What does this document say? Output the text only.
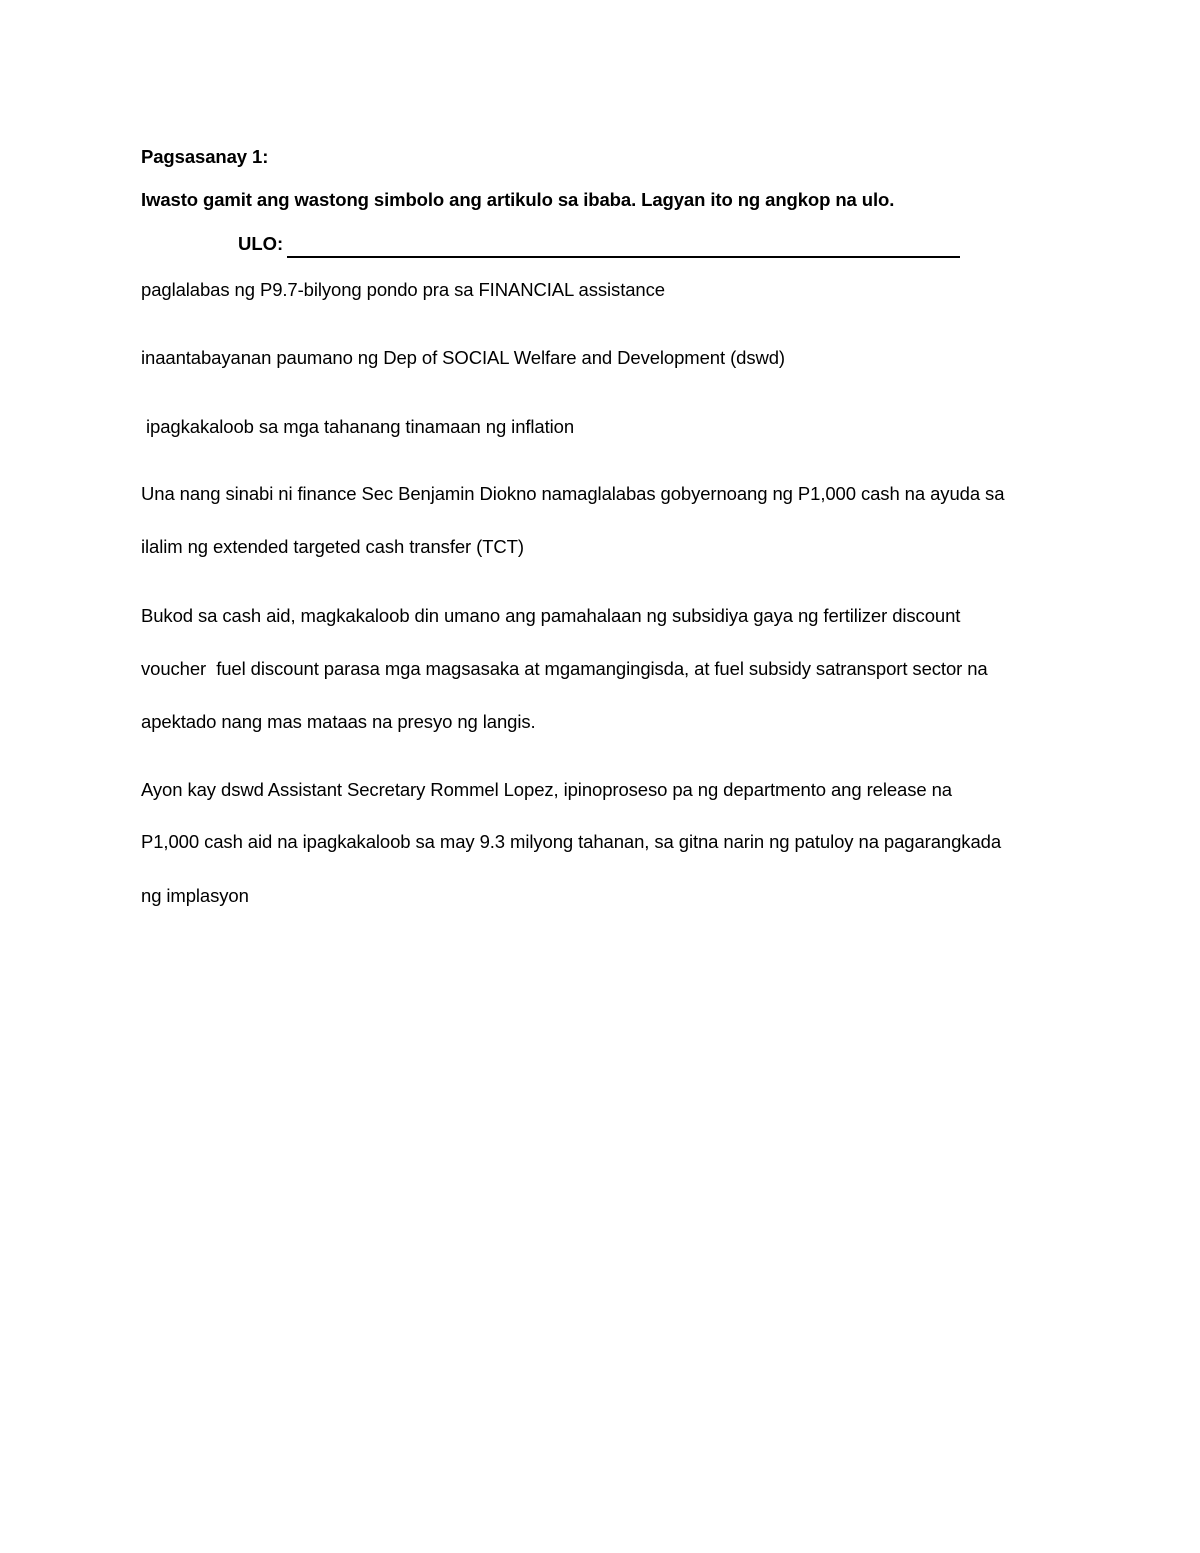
Pagsasanay 1:
Iwasto gamit ang wastong simbolo ang artikulo sa ibaba. Lagyan ito ng angkop na ulo.
ULO:
paglalabas ng P9.7-bilyong pondo pra sa FINANCIAL assistance
inaantabayanan paumano ng Dep of SOCIAL Welfare and Development (dswd)
ipagkakaloob sa mga tahanang tinamaan ng inflation
Una nang sinabi ni finance Sec Benjamin Diokno namaglalabas gobyernoang ng P1,000 cash na ayuda sa
ilalim ng extended targeted cash transfer (TCT)
Bukod sa cash aid, magkakaloob din umano ang pamahalaan ng subsidiya gaya ng fertilizer discount
voucher  fuel discount parasa mga magsasaka at mgamangingisda, at fuel subsidy satransport sector na
apektado nang mas mataas na presyo ng langis.
Ayon kay dswd Assistant Secretary Rommel Lopez, ipinoproseso pa ng departmento ang release na
P1,000 cash aid na ipagkakaloob sa may 9.3 milyong tahanan, sa gitna narin ng patuloy na pagarangkada
ng implasyon
